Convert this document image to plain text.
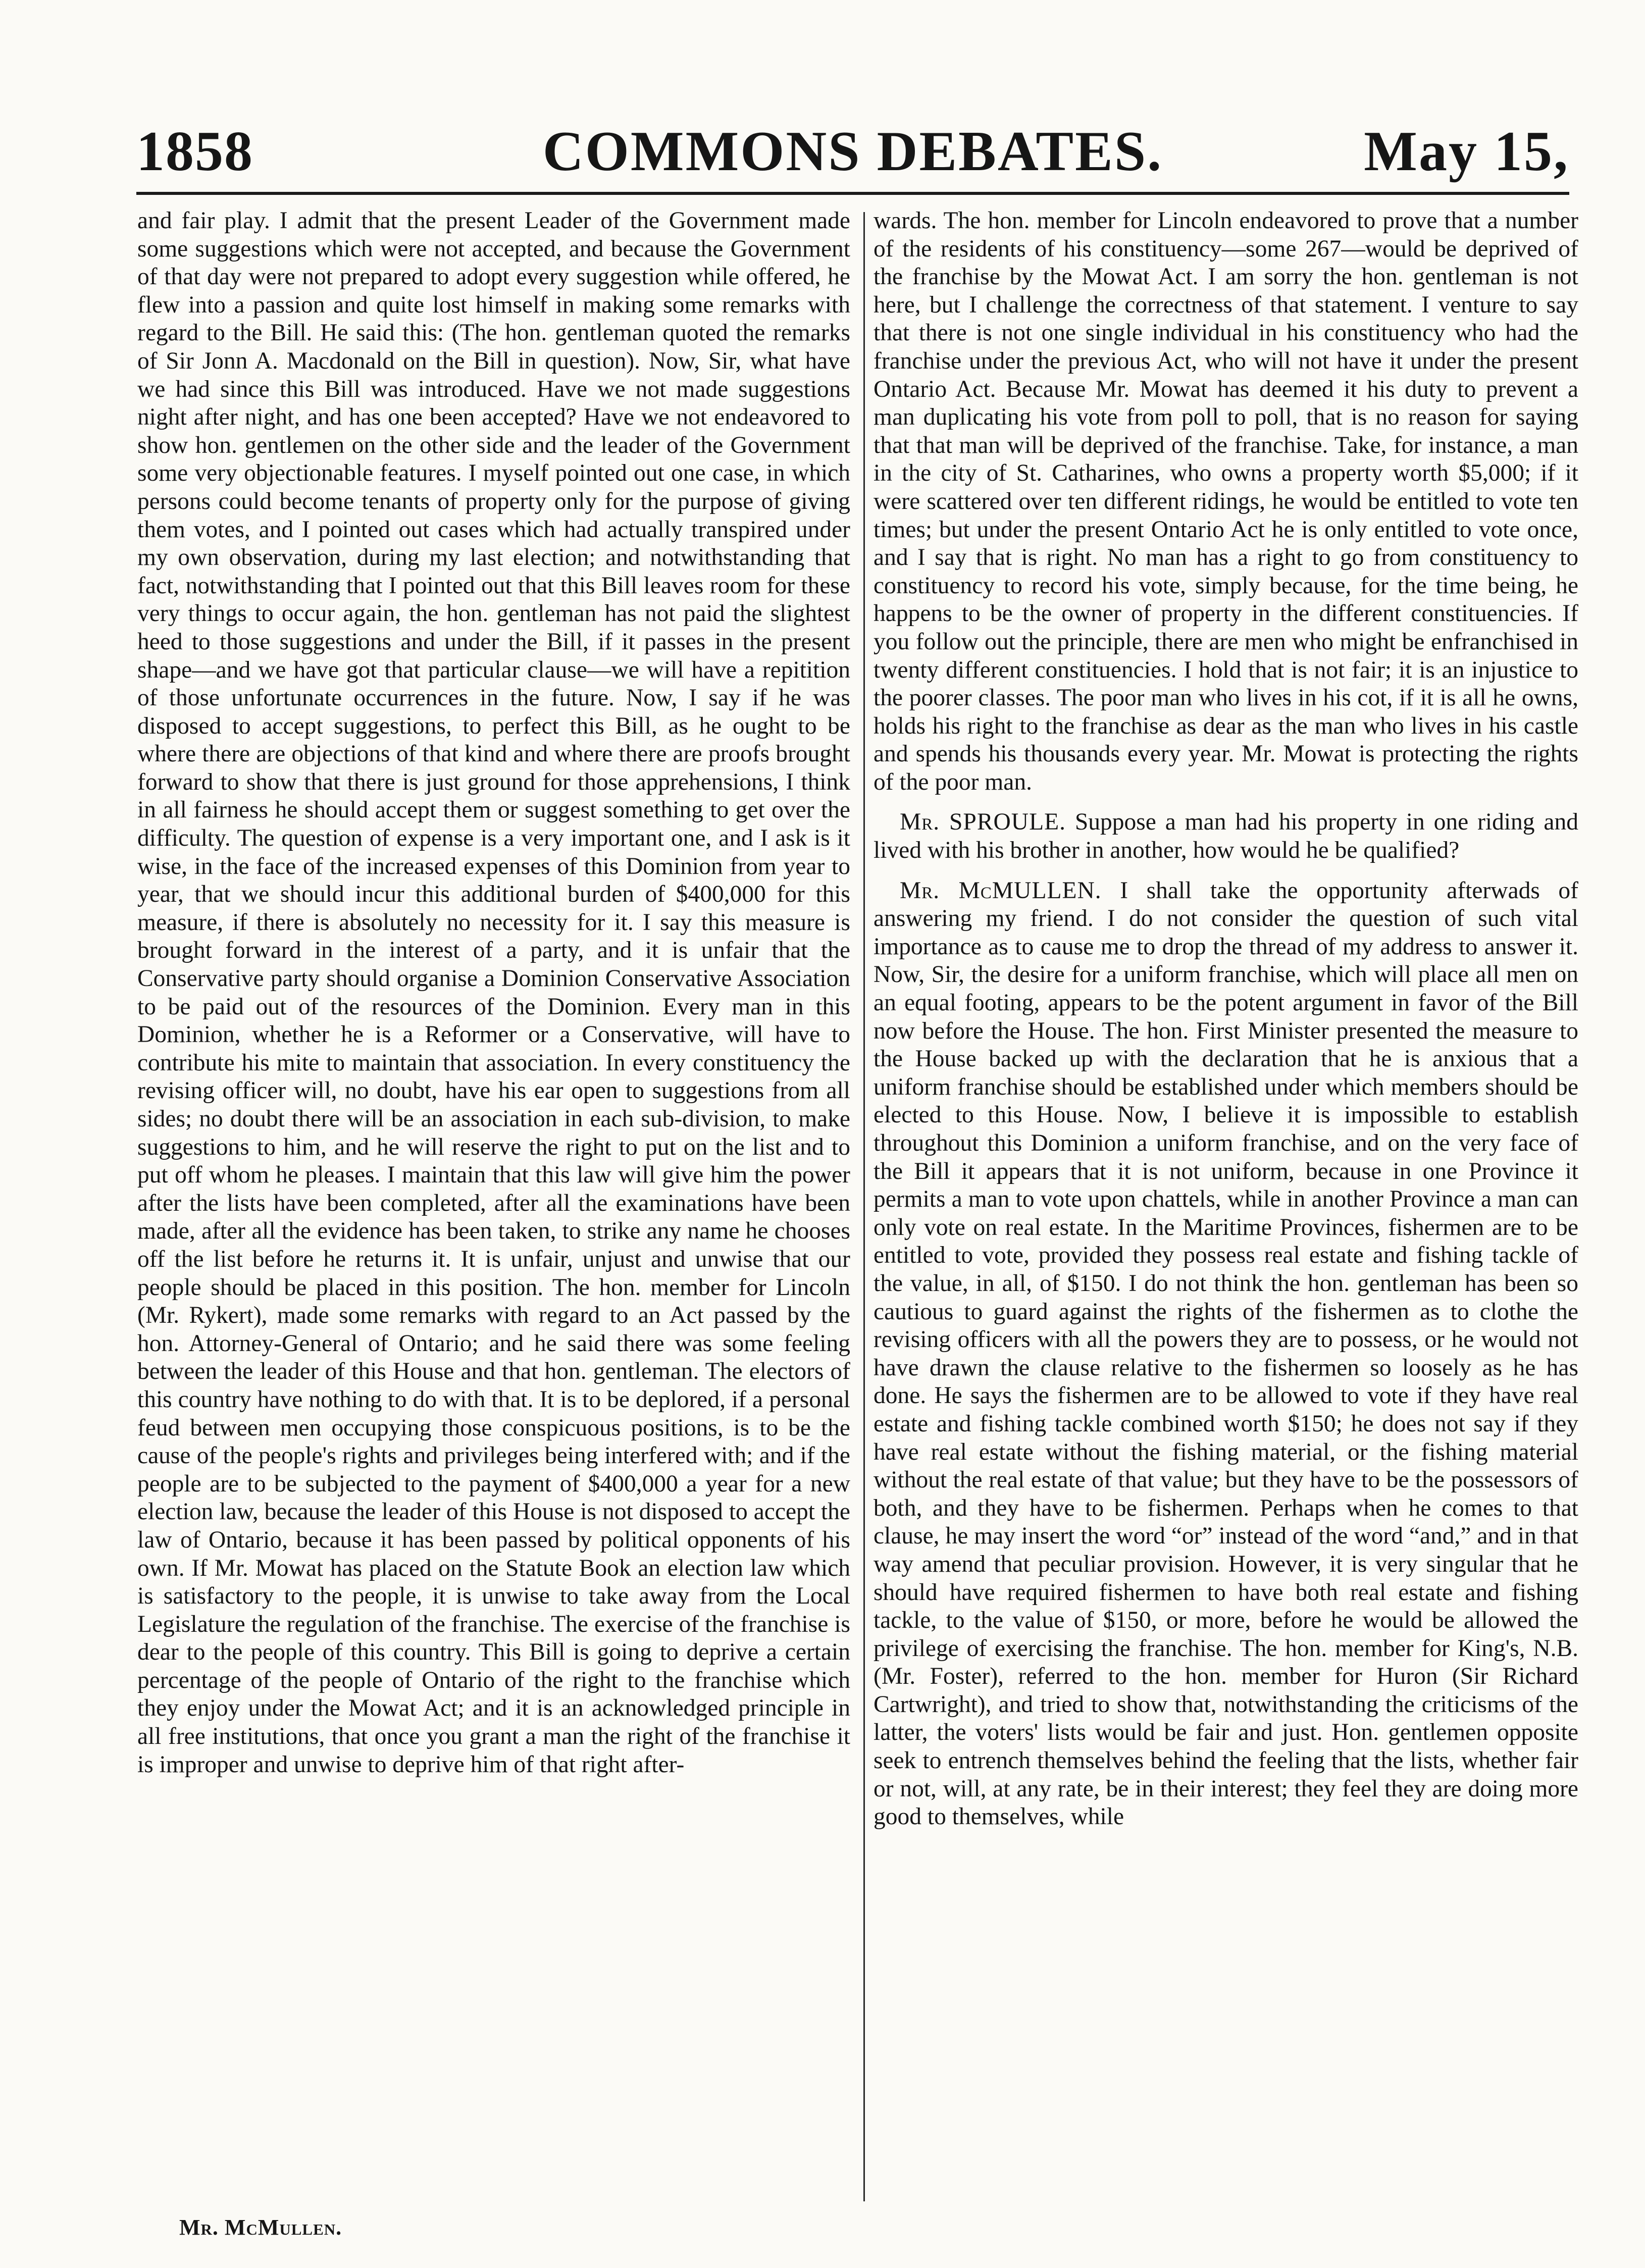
1858	COMMONS DEBATES.	May 15,

and fair play. I admit that the present Leader of the Government made some suggestions which were not accepted, and because the Government of that day were not prepared to adopt every suggestion while offered, he flew into a passion and quite lost himself in making some remarks with regard to the Bill. He said this: (The hon. gentleman quoted the remarks of Sir Jonn A. Macdonald on the Bill in question). Now, Sir, what have we had since this Bill was introduced. Have we not made suggestions night after night, and has one been accepted? Have we not endeavored to show hon. gentlemen on the other side and the leader of the Government some very objectionable features. I myself pointed out one case, in which persons could become tenants of property only for the purpose of giving them votes, and I pointed out cases which had actually transpired under my own observation, during my last election; and notwithstanding that fact, notwithstanding that I pointed out that this Bill leaves room for these very things to occur again, the hon. gentleman has not paid the slightest heed to those suggestions and under the Bill, if it passes in the present shape—and we have got that particular clause—we will have a repitition of those unfortunate occurrences in the future. Now, I say if he was disposed to accept suggestions, to perfect this Bill, as he ought to be where there are objections of that kind and where there are proofs brought forward to show that there is just ground for those apprehensions, I think in all fairness he should accept them or suggest something to get over the difficulty. The question of expense is a very important one, and I ask is it wise, in the face of the increased expenses of this Dominion from year to year, that we should incur this additional burden of $400,000 for this measure, if there is absolutely no necessity for it. I say this measure is brought forward in the interest of a party, and it is unfair that the Conservative party should organise a Dominion Conservative Association to be paid out of the resources of the Dominion. Every man in this Dominion, whether he is a Reformer or a Conservative, will have to contribute his mite to maintain that association. In every constituency the revising officer will, no doubt, have his ear open to suggestions from all sides; no doubt there will be an association in each sub-division, to make suggestions to him, and he will reserve the right to put on the list and to put off whom he pleases. I maintain that this law will give him the power after the lists have been completed, after all the examinations have been made, after all the evidence has been taken, to strike any name he chooses off the list before he returns it. It is unfair, unjust and unwise that our people should be placed in this position. The hon. member for Lincoln (Mr. Rykert), made some remarks with regard to an Act passed by the hon. Attorney-General of Ontario; and he said there was some feeling between the leader of this House and that hon. gentleman. The electors of this country have nothing to do with that. It is to be deplored, if a personal feud between men occupying those conspicuous positions, is to be the cause of the people's rights and privileges being interfered with; and if the people are to be subjected to the payment of $400,000 a year for a new election law, because the leader of this House is not disposed to accept the law of Ontario, because it has been passed by political opponents of his own. If Mr. Mowat has placed on the Statute Book an election law which is satisfactory to the people, it is unwise to take away from the Local Legislature the regulation of the franchise. The exercise of the franchise is dear to the people of this country. This Bill is going to deprive a certain percentage of the people of Ontario of the right to the franchise which they enjoy under the Mowat Act; and it is an acknowledged principle in all free institutions, that once you grant a man the right of the franchise it is improper and unwise to deprive him of that right after-

wards. The hon. member for Lincoln endeavored to prove that a number of the residents of his constituency—some 267—would be deprived of the franchise by the Mowat Act. I am sorry the hon. gentleman is not here, but I challenge the correctness of that statement. I venture to say that there is not one single individual in his constituency who had the franchise under the previous Act, who will not have it under the present Ontario Act. Because Mr. Mowat has deemed it his duty to prevent a man duplicating his vote from poll to poll, that is no reason for saying that that man will be deprived of the franchise. Take, for instance, a man in the city of St. Catharines, who owns a property worth $5,000; if it were scattered over ten different ridings, he would be entitled to vote ten times; but under the present Ontario Act he is only entitled to vote once, and I say that is right. No man has a right to go from constituency to constituency to record his vote, simply because, for the time being, he happens to be the owner of property in the different constituencies. If you follow out the principle, there are men who might be enfranchised in twenty different constituencies. I hold that is not fair; it is an injustice to the poorer classes. The poor man who lives in his cot, if it is all he owns, holds his right to the franchise as dear as the man who lives in his castle and spends his thousands every year. Mr. Mowat is protecting the rights of the poor man.

Mr. SPROULE. Suppose a man had his property in one riding and lived with his brother in another, how would he be qualified?

Mr. McMULLEN. I shall take the opportunity afterwads of answering my friend. I do not consider the question of such vital importance as to cause me to drop the thread of my address to answer it. Now, Sir, the desire for a uniform franchise, which will place all men on an equal footing, appears to be the potent argument in favor of the Bill now before the House. The hon. First Minister presented the measure to the House backed up with the declaration that he is anxious that a uniform franchise should be established under which members should be elected to this House. Now, I believe it is impossible to establish throughout this Dominion a uniform franchise, and on the very face of the Bill it appears that it is not uniform, because in one Province it permits a man to vote upon chattels, while in another Province a man can only vote on real estate. In the Maritime Provinces, fishermen are to be entitled to vote, provided they possess real estate and fishing tackle of the value, in all, of $150. I do not think the hon. gentleman has been so cautious to guard against the rights of the fishermen as to clothe the revising officers with all the powers they are to possess, or he would not have drawn the clause relative to the fishermen so loosely as he has done. He says the fishermen are to be allowed to vote if they have real estate and fishing tackle combined worth $150; he does not say if they have real estate without the fishing material, or the fishing material without the real estate of that value; but they have to be the possessors of both, and they have to be fishermen. Perhaps when he comes to that clause, he may insert the word “or” instead of the word “and,” and in that way amend that peculiar provision. However, it is very singular that he should have required fishermen to have both real estate and fishing tackle, to the value of $150, or more, before he would be allowed the privilege of exercising the franchise. The hon. member for King's, N.B. (Mr. Foster), referred to the hon. member for Huron (Sir Richard Cartwright), and tried to show that, notwithstanding the criticisms of the latter, the voters' lists would be fair and just. Hon. gentlemen opposite seek to entrench themselves behind the feeling that the lists, whether fair or not, will, at any rate, be in their interest; they feel they are doing more good to themselves, while

Mr. McMullen.
